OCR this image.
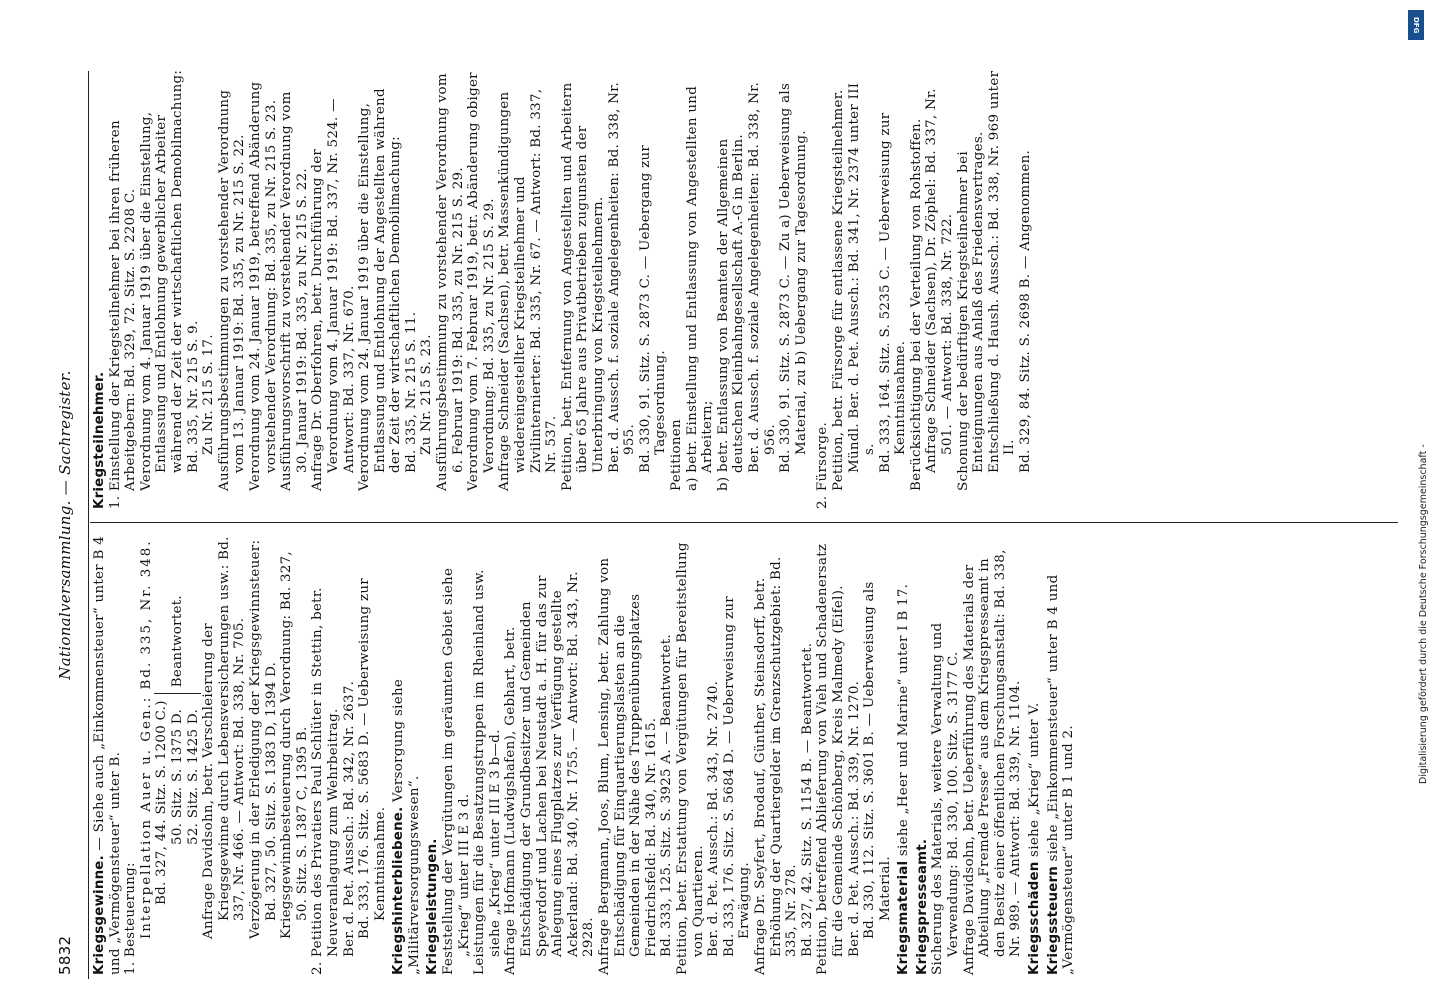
5832
Nationalversammlung. — Sachregister.
Kriegsgewinne. — Siehe auch „Einkommensteuer“ unter B 4 und „Vermögensteuer“ unter B. 1. Besteuerung: Interpellation Auer u. Gen.: Bd. 335, Nr. 348. Bd. 327, 44. Sitz. S. 1200 C.) 50. Sitz. S. 1375 D. 52. Sitz. S. 1425 D.
Beantwortet.	Anfrage Davidsohn, betr. Verschleierung der Kriegsgewinne durch Lebensversicherungen usw.: Bd. 337, Nr. 466. — Antwort: Bd. 338, Nr. 705. Verzögerung in der Erledigung der Kriegsgewinnsteuer: Bd. 327, 50. Sitz. S. 1383 D, 1394 D. Kriegsgewinnbesteuerung durch Verordnung: Bd. 327, 50. Sitz. S. 1387 C, 1395 B. 2. Petition des Privatiers Paul Schlüter in Stettin, betr. Neuveranlagung zum Wehrbeitrag. Ber. d. Pet. Aussch.: Bd. 342, Nr. 2637. Bd. 333, 176. Sitz. S. 5683 D. — Ueberweisung zur Kenntnisnahme. Kriegshinterbliebene. Versorgung siehe „Militärversorgungswesen“. Kriegsleistungen. Feststellung der Vergütungen im geräumten Gebiet siehe „Krieg“ unter III E 3 d. Leistungen für die Besatzungstruppen im Rheinland usw. siehe „Krieg“ unter III E 3 b—d. Anfrage Hofmann (Ludwigshafen), Gebhart, betr. Entschädigung der Grundbesitzer und Gemeinden Speyerdorf und Lachen bei Neustadt a. H. für das zur Anlegung eines Flugplatzes zur Verfügung gestellte Ackerland: Bd. 340, Nr. 1755. — Antwort: Bd. 343, Nr. 2928. Anfrage Bergmann, Joos, Blum, Lensing, betr. Zahlung von Entschädigung für Einquartierungslasten an die Gemeinden in der Nähe des Truppenübungsplatzes Friedrichsfeld: Bd. 340, Nr. 1615. Bd. 333, 125. Sitz. S. 3925 A. — Beantwortet. Petition, betr. Erstattung von Vergütungen für Bereitstellung von Quartieren. Ber. d. Pet. Aussch.: Bd. 343, Nr. 2740. Bd. 333, 176. Sitz. S. 5684 D. — Ueberweisung zur Erwägung. Anfrage Dr. Seyfert, Brodauf, Günther, Steinsdorff, betr. Erhöhung der Quartiergelder im Grenzschutzgebiet: Bd. 335, Nr. 278. Bd. 327, 42. Sitz. S. 1154 B. — Beantwortet. Petition, betreffend Ablieferung von Vieh und Schadenersatz für die Gemeinde Schönberg, Kreis Malmedy (Eifel). Ber. d. Pet. Aussch.: Bd. 339, Nr. 1270. Bd. 330, 112. Sitz. S. 3601 B. — Ueberweisung als Material. Kriegsmaterial siehe „Heer und Marine“ unter I B 17.
Kriegspresseamt. Sicherung des Materials, weitere Verwaltung und Verwendung: Bd. 330, 100. Sitz. S. 3177 C. Anfrage Davidsohn, betr. Ueberführung des Materials der Abteilung „Fremde Presse“ aus dem Kriegspresseamt in den Besitz einer öffentlichen Forschungsanstalt: Bd. 338, Nr. 989. — Antwort: Bd. 339, Nr. 1104. Kriegsschäden siehe „Krieg“ unter V.
Kriegssteuern siehe „Einkommensteuer“ unter B 4 und „Vermögensteuer“ unter B 1 und 2.
Kriegsteilnehmer. 1. Einstellung der Kriegsteilnehmer bei ihren früheren Arbeitgebern: Bd. 329, 72. Sitz. S. 2208 C. Verordnung vom 4. Januar 1919 über die Einstellung, Entlassung und Entlohnung gewerblicher Arbeiter während der Zeit der wirtschaftlichen Demobilmachung: Bd. 335, Nr. 215 S. 9. Zu Nr. 215 S. 17. Ausführungsbestimmungen zu vorstehender Verordnung vom 13. Januar 1919: Bd. 335, zu Nr. 215 S. 22. Verordnung vom 24. Januar 1919, betreffend Abänderung vorstehender Verordnung: Bd. 335, zu Nr. 215 S. 23. Ausführungsvorschrift zu vorstehender Verordnung vom 30. Januar 1919: Bd. 335, zu Nr. 215 S. 22. Anfrage Dr. Oberfohren, betr. Durchführung der Verordnung vom 4. Januar 1919: Bd. 337, Nr. 524. — Antwort: Bd. 337, Nr. 670. Verordnung vom 24. Januar 1919 über die Einstellung, Entlassung und Entlohnung der Angestellten während der Zeit der wirtschaftlichen Demobilmachung: Bd. 335, Nr. 215 S. 11. Zu Nr. 215 S. 23. Ausführungsbestimmung zu vorstehender Verordnung vom 6. Februar 1919: Bd. 335, zu Nr. 215 S. 29. Verordnung vom 7. Februar 1919, betr. Abänderung obiger Verordnung: Bd. 335, zu Nr. 215 S. 29. Anfrage Schneider (Sachsen), betr. Massenkündigungen wiedereingestellter Kriegsteilnehmer und Zivilinternierter: Bd. 335, Nr. 67. — Antwort: Bd. 337, Nr. 537. Petition, betr. Entfernung von Angestellten und Arbeitern über 65 Jahre aus Privatbetrieben zugunsten der Unterbringung von Kriegsteilnehmern. Ber. d. Aussch. f. soziale Angelegenheiten: Bd. 338, Nr. 955. Bd. 330, 91. Sitz. S. 2873 C. — Uebergang zur Tagesordnung.
Petitionen a) betr. Einstellung und Entlassung von Angestellten und Arbeitern; b) betr. Entlassung von Beamten der Allgemeinen deutschen Kleinbahngesellschaft A.-G in Berlin. Ber. d. Aussch. f. soziale Angelegenheiten: Bd. 338, Nr. 956. Bd. 330, 91. Sitz. S. 2873 C. — Zu a) Ueberweisung als Material, zu b) Uebergang zur Tagesordnung.
2. Fürsorge. Petition, betr. Fürsorge für entlassene Kriegsteilnehmer. Mündl. Ber. d. Pet. Aussch.: Bd. 341, Nr. 2374 unter III s. Bd. 333, 164. Sitz. S. 5235 C. — Ueberweisung zur Kenntnisnahme. Berücksichtigung bei der Verteilung von Rohstoffen. Anfrage Schneider (Sachsen), Dr. Zöphel: Bd. 337, Nr. 501. — Antwort: Bd. 338, Nr. 722. Schonung der bedürftigen Kriegsteilnehmer bei Enteignungen aus Anlaß des Friedensvertrages. Entschließung d. Haush. Aussch.: Bd. 338, Nr. 969 unter II. Bd. 329, 84. Sitz. S. 2698 B. — Angenommen.
DFG
Digitalisierung gefördert durch die Deutsche Forschungsgemeinschaft -
